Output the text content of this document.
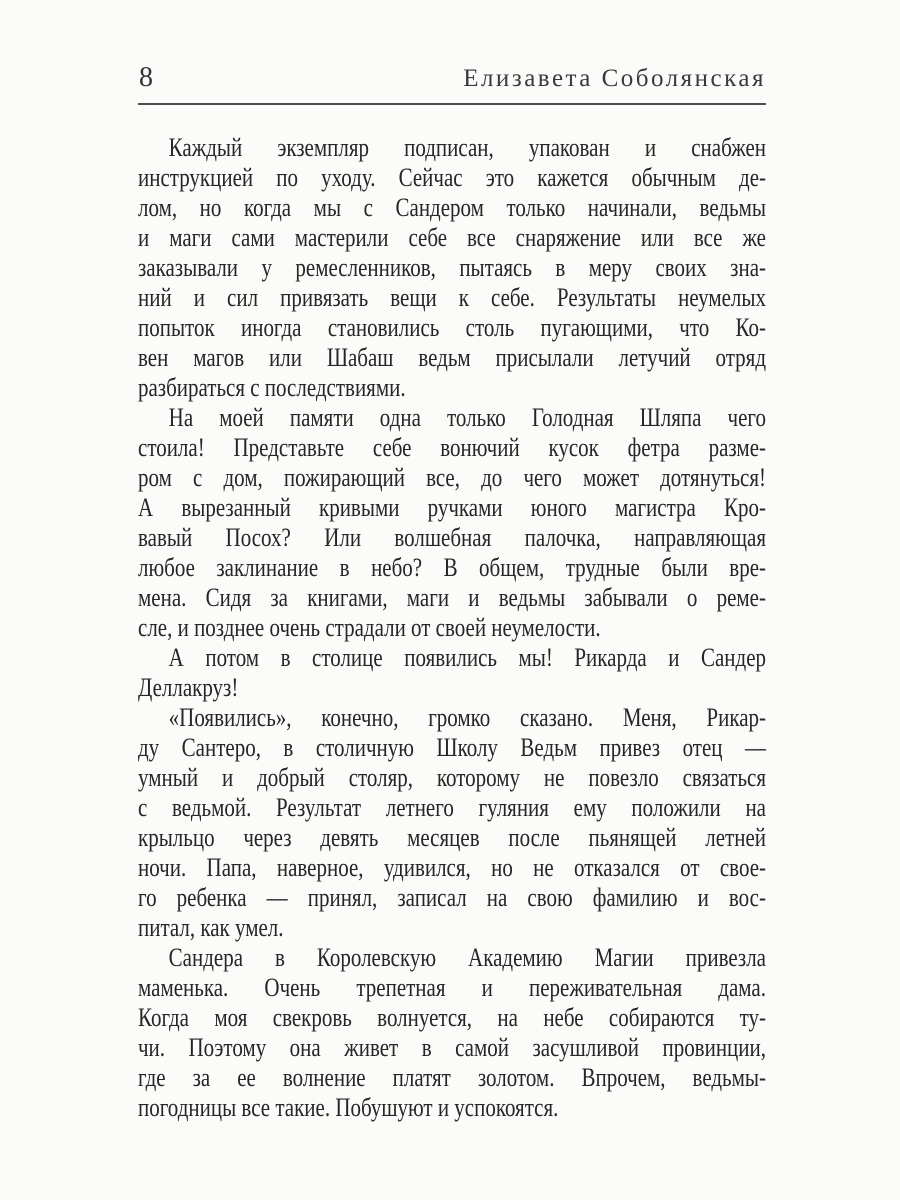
8	Елизавета Соболянская
Каждый экземпляр подписан, упакован и снабжен
инструкцией по уходу. Сейчас это кажется обычным де-
лом, но когда мы с Сандером только начинали, ведьмы
и маги сами мастерили себе все снаряжение или все же
заказывали у ремесленников, пытаясь в меру своих зна-
ний и сил привязать вещи к себе. Результаты неумелых
попыток иногда становились столь пугающими, что Ко-
вен магов или Шабаш ведьм присылали летучий отряд
разбираться с последствиями.
На моей памяти одна только Голодная Шляпа чего
стоила! Представьте себе вонючий кусок фетра разме-
ром с дом, пожирающий все, до чего может дотянуться!
А вырезанный кривыми ручками юного магистра Кро-
вавый Посох? Или волшебная палочка, направляющая
любое заклинание в небо? В общем, трудные были вре-
мена. Сидя за книгами, маги и ведьмы забывали о реме-
сле, и позднее очень страдали от своей неумелости.
А потом в столице появились мы! Рикарда и Сандер
Деллакруз!
«Появились», конечно, громко сказано. Меня, Рикар-
ду Сантеро, в столичную Школу Ведьм привез отец —
умный и добрый столяр, которому не повезло связаться
с ведьмой. Результат летнего гуляния ему положили на
крыльцо через девять месяцев после пьянящей летней
ночи. Папа, наверное, удивился, но не отказался от свое-
го ребенка — принял, записал на свою фамилию и вос-
питал, как умел.
Сандера в Королевскую Академию Магии привезла
маменька. Очень трепетная и переживательная дама.
Когда моя свекровь волнуется, на небе собираются ту-
чи. Поэтому она живет в самой засушливой провинции,
где за ее волнение платят золотом. Впрочем, ведьмы-
погодницы все такие. Побушуют и успокоятся.
